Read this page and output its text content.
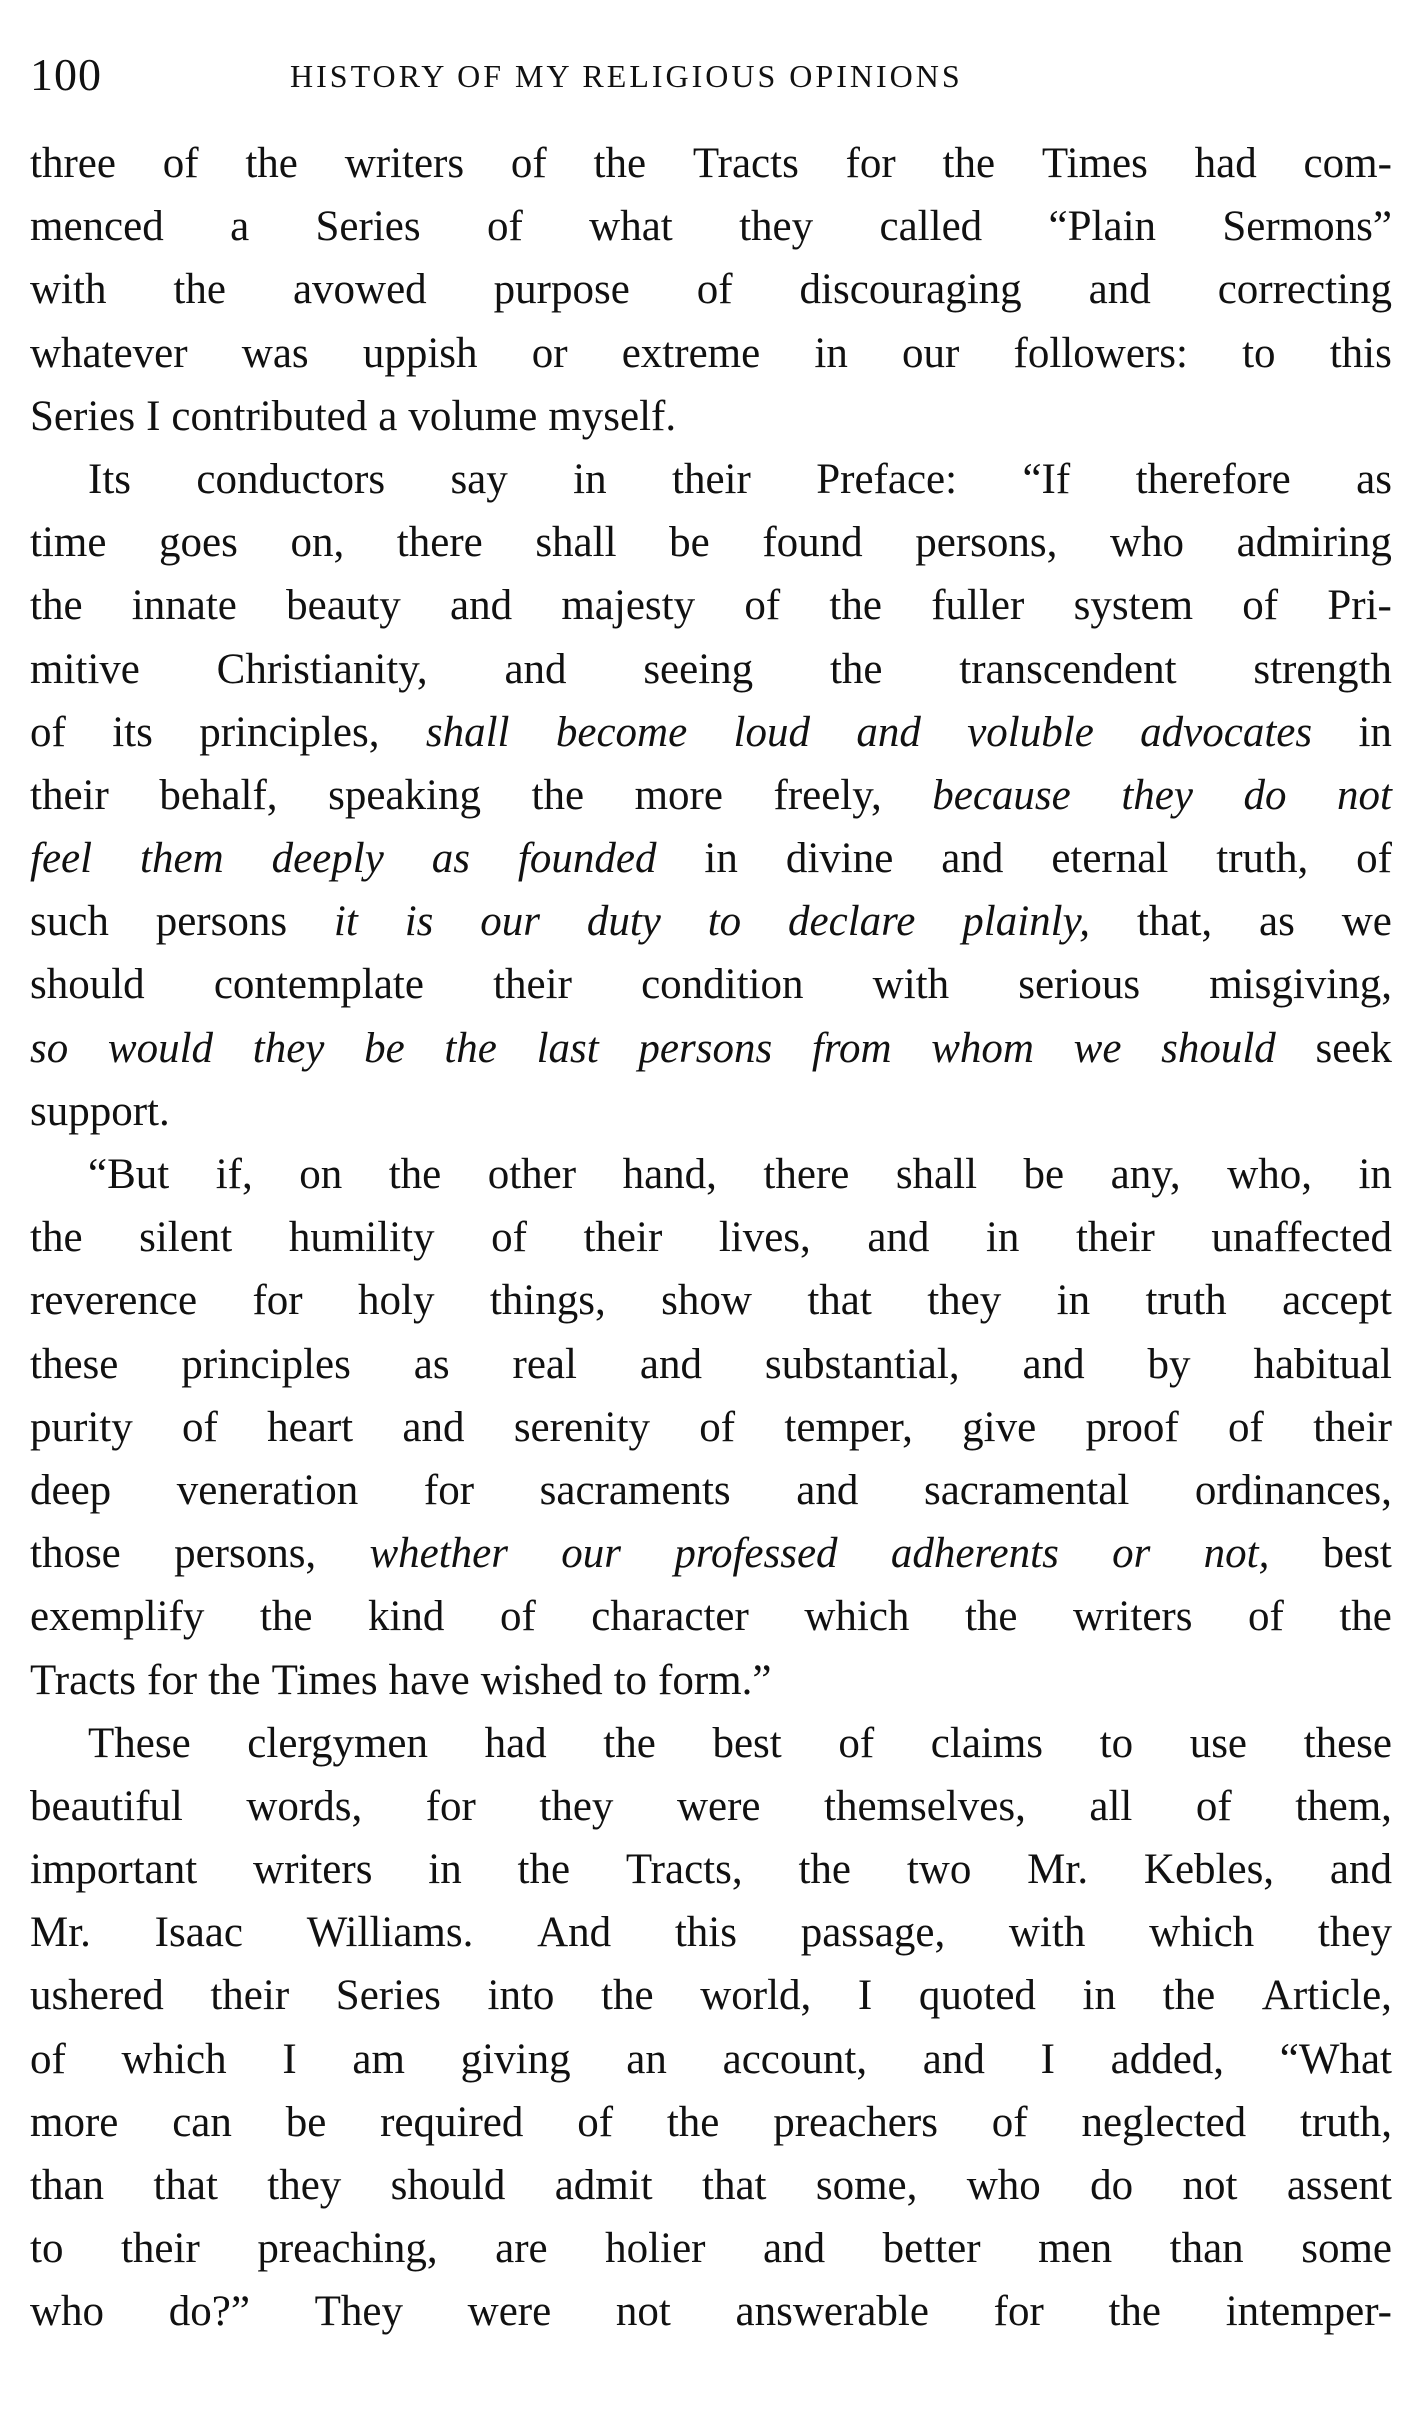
100	HISTORY OF MY RELIGIOUS OPINIONS
three of the writers of the Tracts for the Times had com-
menced a Series of what they called “Plain Sermons”
with the avowed purpose of discouraging and correcting
whatever was uppish or extreme in our followers: to this
Series I contributed a volume myself.
Its conductors say in their Preface: “If therefore as
time goes on, there shall be found persons, who admiring
the innate beauty and majesty of the fuller system of Pri-
mitive Christianity, and seeing the transcendent strength
of its principles, shall become loud and voluble advocates in
their behalf, speaking the more freely, because they do not
feel them deeply as founded in divine and eternal truth, of
such persons it is our duty to declare plainly, that, as we
should contemplate their condition with serious misgiving,
so would they be the last persons from whom we should seek
support.
“But if, on the other hand, there shall be any, who, in
the silent humility of their lives, and in their unaffected
reverence for holy things, show that they in truth accept
these principles as real and substantial, and by habitual
purity of heart and serenity of temper, give proof of their
deep veneration for sacraments and sacramental ordinances,
those persons, whether our professed adherents or not, best
exemplify the kind of character which the writers of the
Tracts for the Times have wished to form.”
These clergymen had the best of claims to use these
beautiful words, for they were themselves, all of them,
important writers in the Tracts, the two Mr. Kebles, and
Mr. Isaac Williams. And this passage, with which they
ushered their Series into the world, I quoted in the Article,
of which I am giving an account, and I added, “What
more can be required of the preachers of neglected truth,
than that they should admit that some, who do not assent
to their preaching, are holier and better men than some
who do?” They were not answerable for the intemper-
